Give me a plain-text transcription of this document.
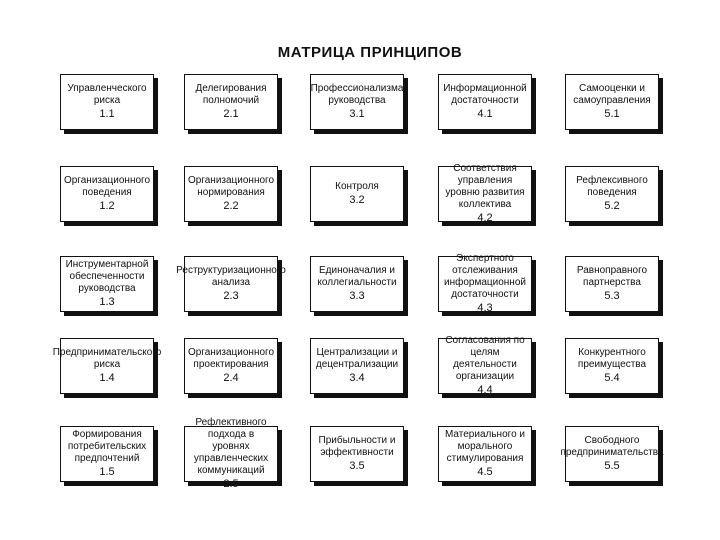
МАТРИЦА ПРИНЦИПОВ
Управленческого риска
1.1
Делегирования полномочий
2.1
Профессионализма руководства
3.1
Информационной достаточности
4.1
Самооценки и самоуправления
5.1
Организационного поведения
1.2
Организационного нормирования
2.2
Контроля
3.2
Соответствия управления уровню развития коллектива
4.2
Рефлексивного поведения
5.2
Инструментарной обеспеченности руководства
1.3
Реструктуризационного анализа
2.3
Единоначалия и коллегиальности
3.3
Экспертного отслеживания информационной достаточности
4.3
Равноправного партнерства
5.3
Предпринимательского риска
1.4
Организационного проектирования
2.4
Централизации и децентрализации
3.4
Согласования по целям деятельности организации
4.4
Конкурентного преимущества
5.4
Формирования потребительских предпочтений
1.5
Рефлективного подхода в уровнях управленческих коммуникаций
2.5
Прибыльности и эффективности
3.5
Материального и морального стимулирования
4.5
Свободного предпринимательства
5.5
